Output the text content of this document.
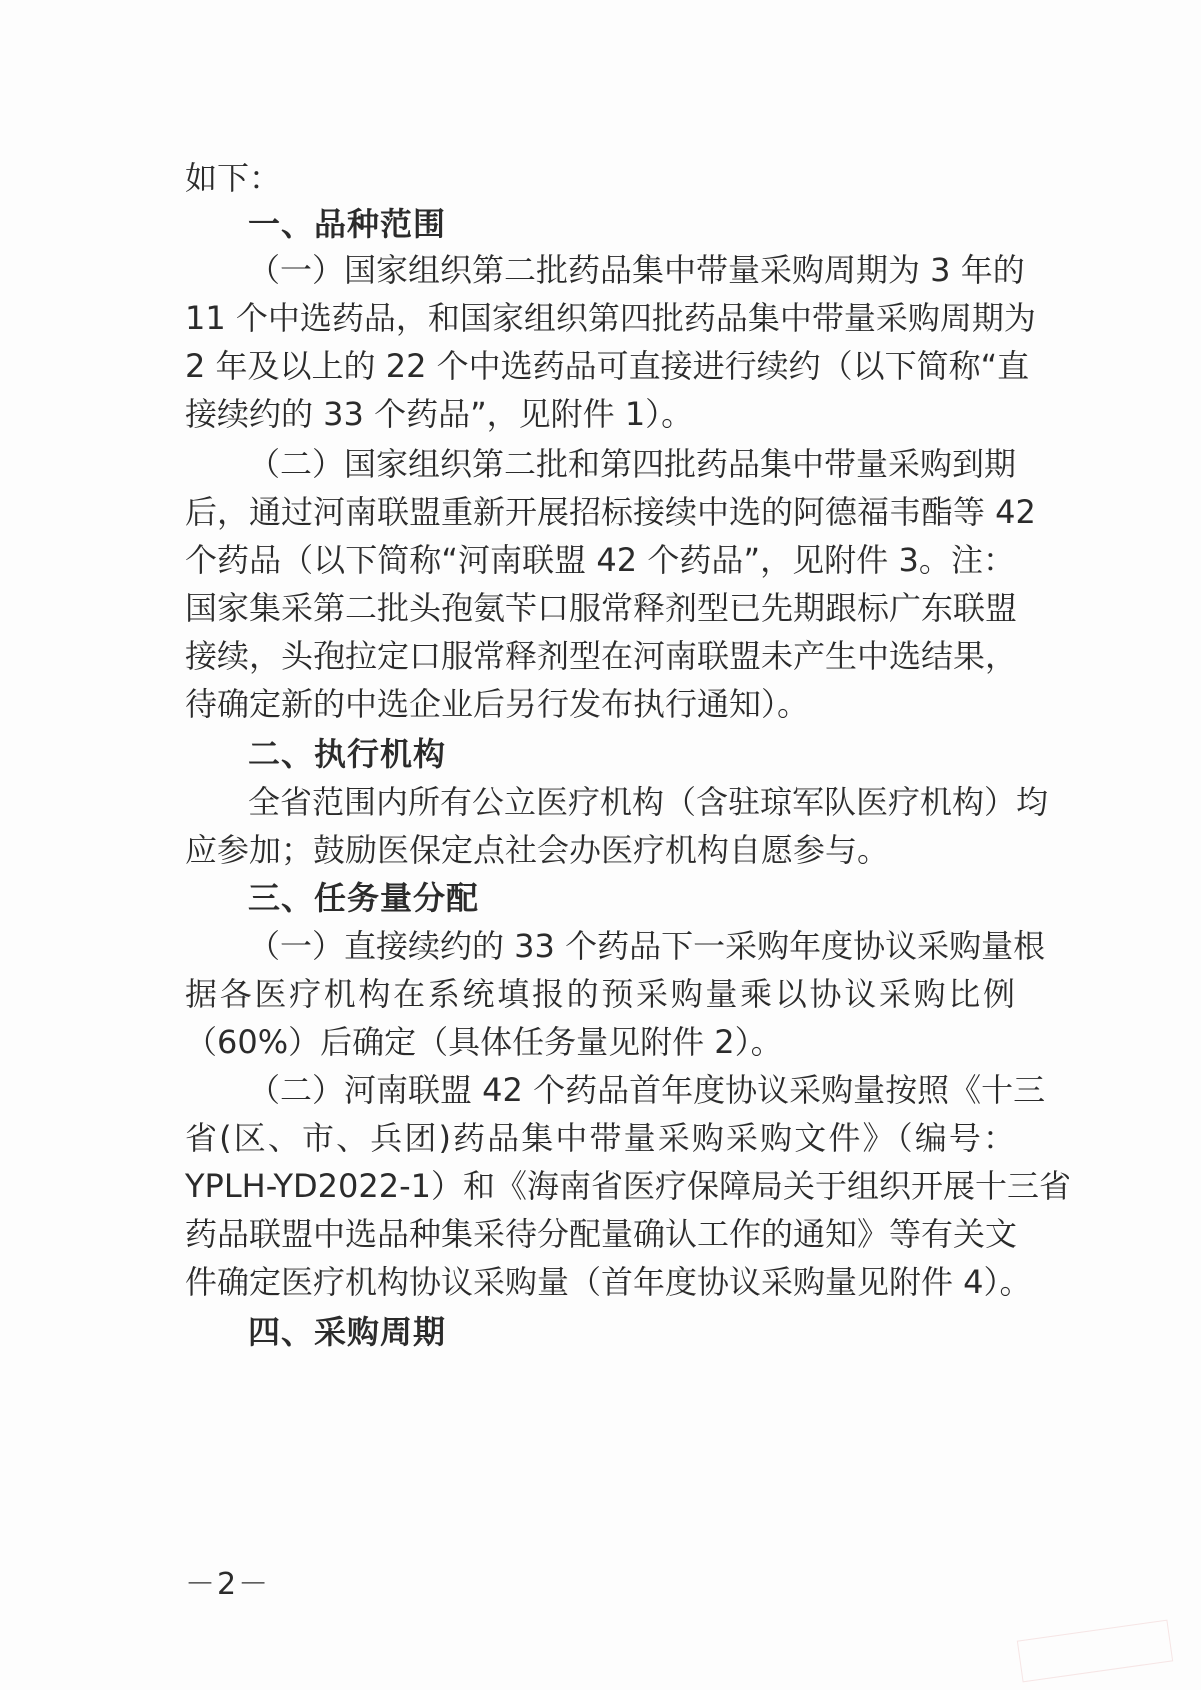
如下：
一、品种范围
（一）国家组织第二批药品集中带量采购周期为 3 年的
11 个中选药品，和国家组织第四批药品集中带量采购周期为
2 年及以上的 22 个中选药品可直接进行续约（以下简称“直
接续约的 33 个药品”，见附件 1）。
（二）国家组织第二批和第四批药品集中带量采购到期
后，通过河南联盟重新开展招标接续中选的阿德福韦酯等 42
个药品（以下简称“河南联盟 42 个药品”，见附件 3。注：
国家集采第二批头孢氨苄口服常释剂型已先期跟标广东联盟
接续，头孢拉定口服常释剂型在河南联盟未产生中选结果，
待确定新的中选企业后另行发布执行通知）。
二、执行机构
全省范围内所有公立医疗机构（含驻琼军队医疗机构）均
应参加；鼓励医保定点社会办医疗机构自愿参与。
三、任务量分配
（一）直接续约的 33 个药品下一采购年度协议采购量根
据各医疗机构在系统填报的预采购量乘以协议采购比例
（60%）后确定（具体任务量见附件 2）。
（二）河南联盟 42 个药品首年度协议采购量按照《十三
省(区、市、兵团)药品集中带量采购采购文件》（编号：
YPLH-YD2022-1）和《海南省医疗保障局关于组织开展十三省
药品联盟中选品种集采待分配量确认工作的通知》等有关文
件确定医疗机构协议采购量（首年度协议采购量见附件 4）。
四、采购周期
－2－
